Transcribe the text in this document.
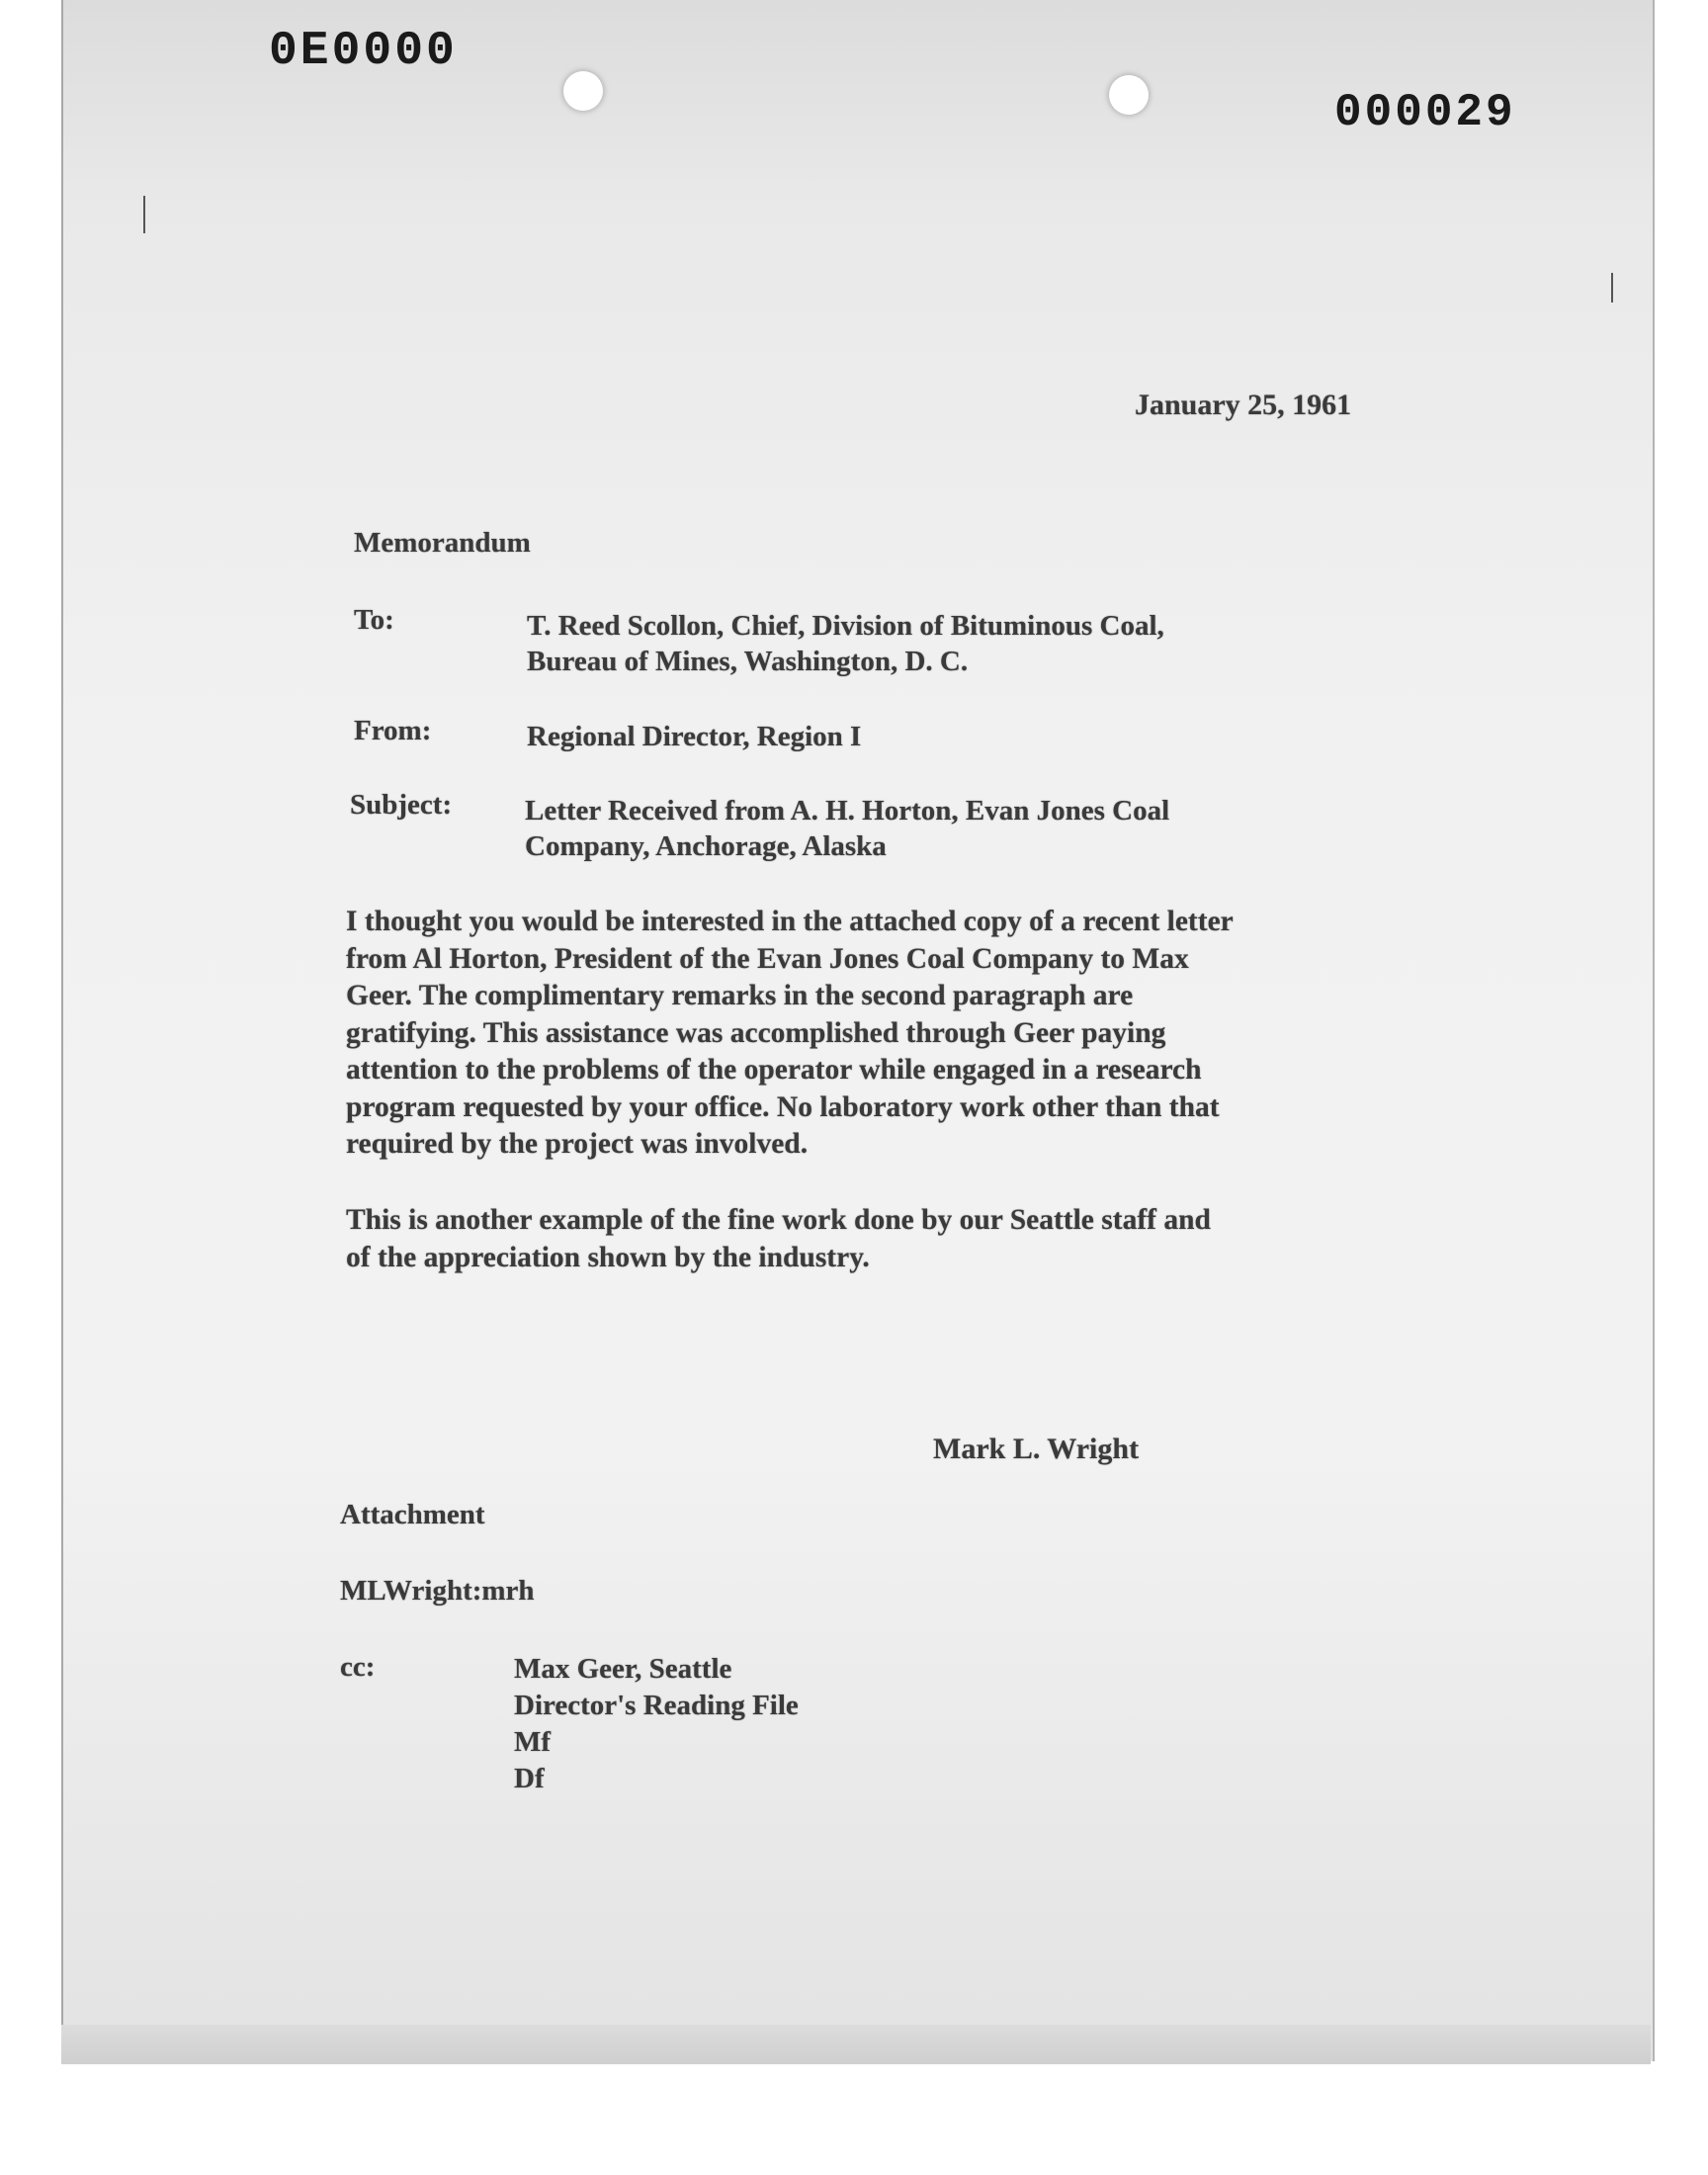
0E0000
000029
January 25, 1961
Memorandum
To:	T. Reed Scollon, Chief, Division of Bituminous Coal,
Bureau of Mines, Washington, D. C.
From:	Regional Director, Region I
Subject:	Letter Received from A. H. Horton, Evan Jones Coal
Company, Anchorage, Alaska
I thought you would be interested in the attached copy of a recent letter
from Al Horton, President of the Evan Jones Coal Company to Max
Geer. The complimentary remarks in the second paragraph are
gratifying. This assistance was accomplished through Geer paying
attention to the problems of the operator while engaged in a research
program requested by your office. No laboratory work other than that
required by the project was involved.
This is another example of the fine work done by our Seattle staff and
of the appreciation shown by the industry.
Mark L. Wright
Attachment
MLWright:mrh
cc:	Max Geer, Seattle
Director's Reading File
Mf
Df
